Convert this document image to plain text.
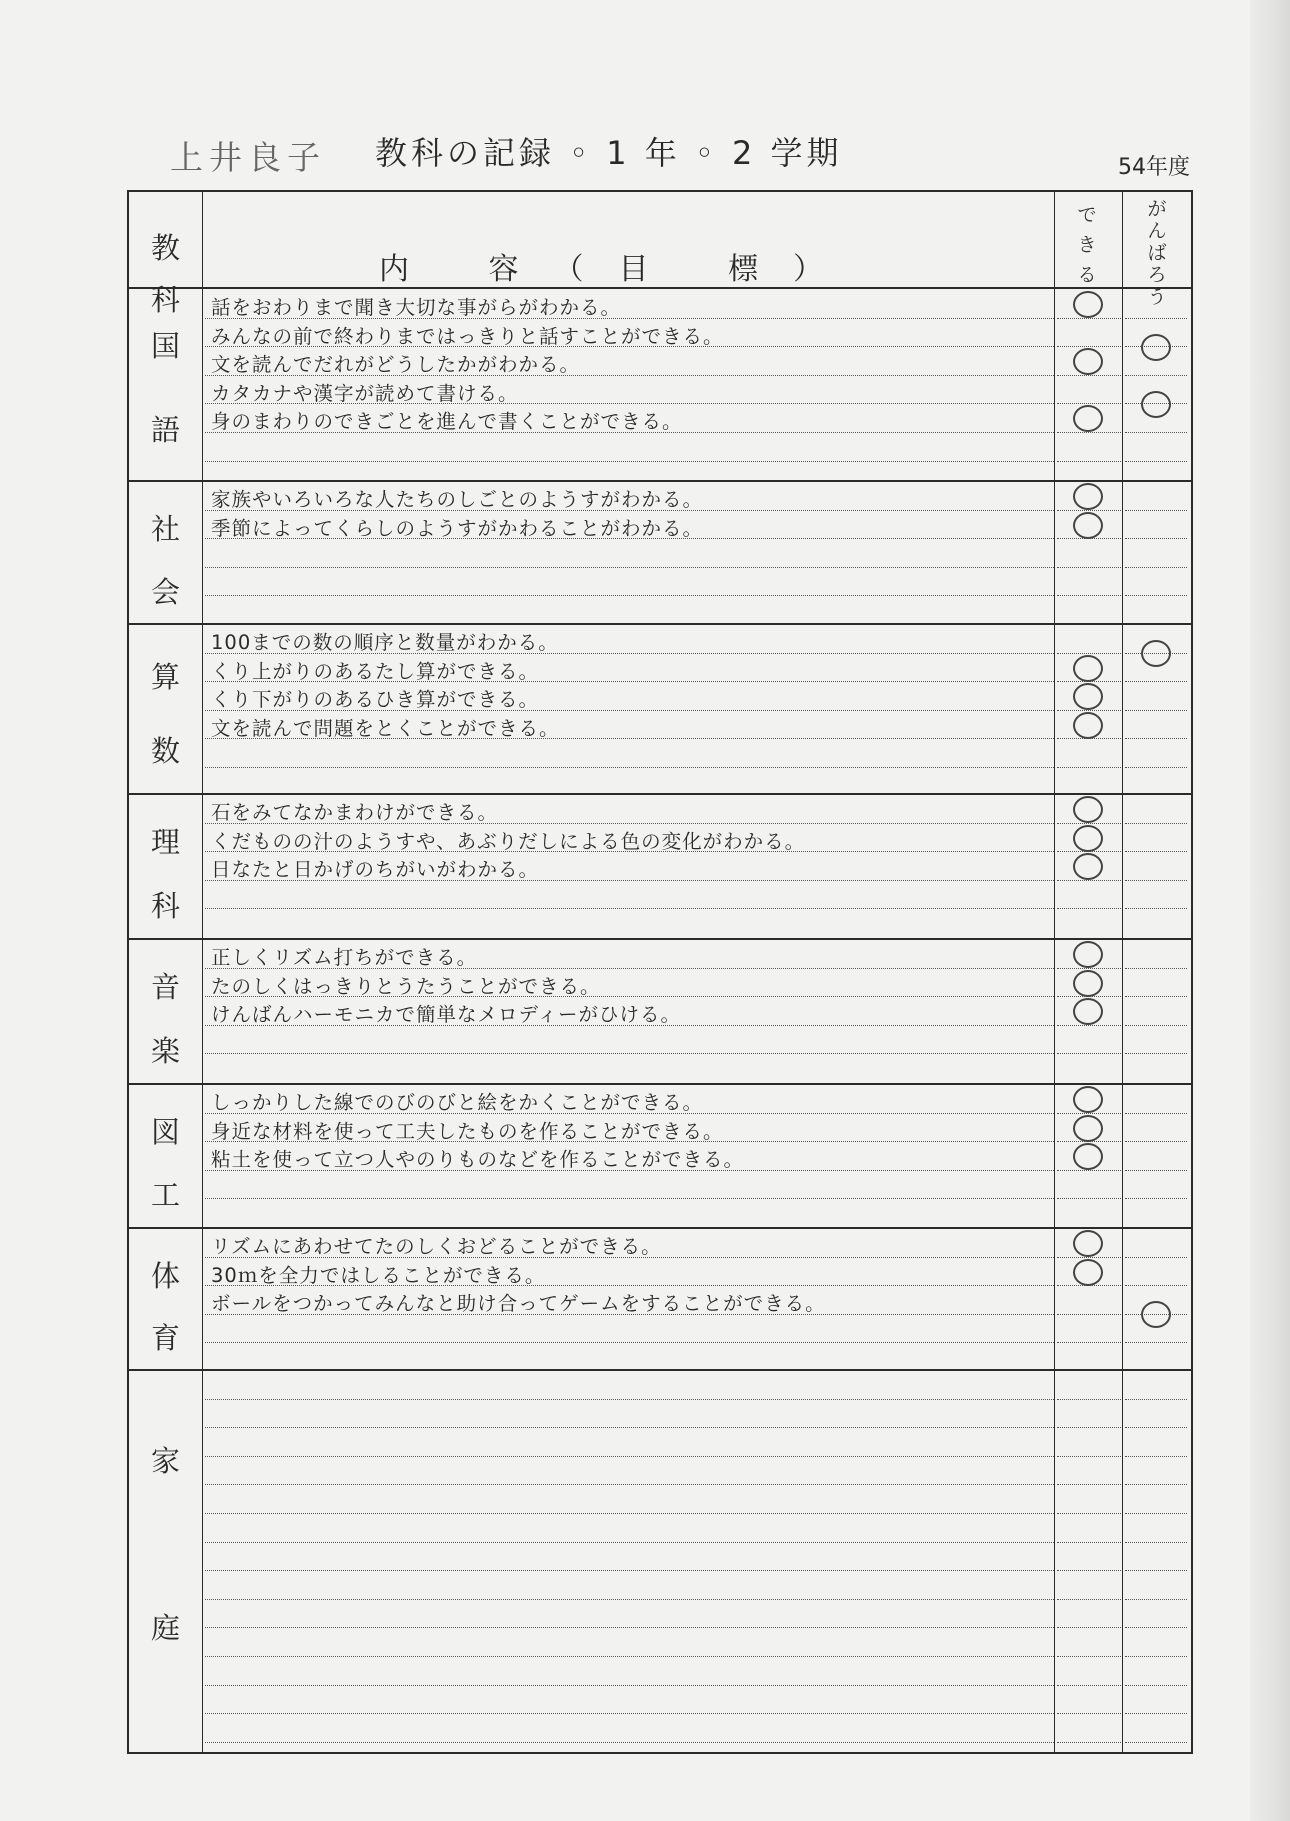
上井良子 教科の記録 ◦ 1 年 ◦ 2 学期	54年度
教
科
内 容（目 標）
で
き
る
が
ん
ば
ろ
う
国
語
話をおわりまで聞き大切な事がらがわかる。
みんなの前で終わりまではっきりと話すことができる。
文を読んでだれがどうしたかがわかる。
カタカナや漢字が読めて書ける。
身のまわりのできごとを進んで書くことができる。
社
会
家族やいろいろな人たちのしごとのようすがわかる。
季節によってくらしのようすがかわることがわかる。
算
数
100までの数の順序と数量がわかる。
くり上がりのあるたし算ができる。
くり下がりのあるひき算ができる。
文を読んで問題をとくことができる。
理
科
石をみてなかまわけができる。
くだものの汁のようすや、あぶりだしによる色の変化がわかる。
日なたと日かげのちがいがわかる。
音
楽
正しくリズム打ちができる。
たのしくはっきりとうたうことができる。
けんばんハーモニカで簡単なメロディーがひける。
図
工
しっかりした線でのびのびと絵をかくことができる。
身近な材料を使って工夫したものを作ることができる。
粘土を使って立つ人やのりものなどを作ることができる。
体
育
リズムにあわせてたのしくおどることができる。
30ｍを全力ではしることができる。
ボールをつかってみんなと助け合ってゲームをすることができる。
家
庭
